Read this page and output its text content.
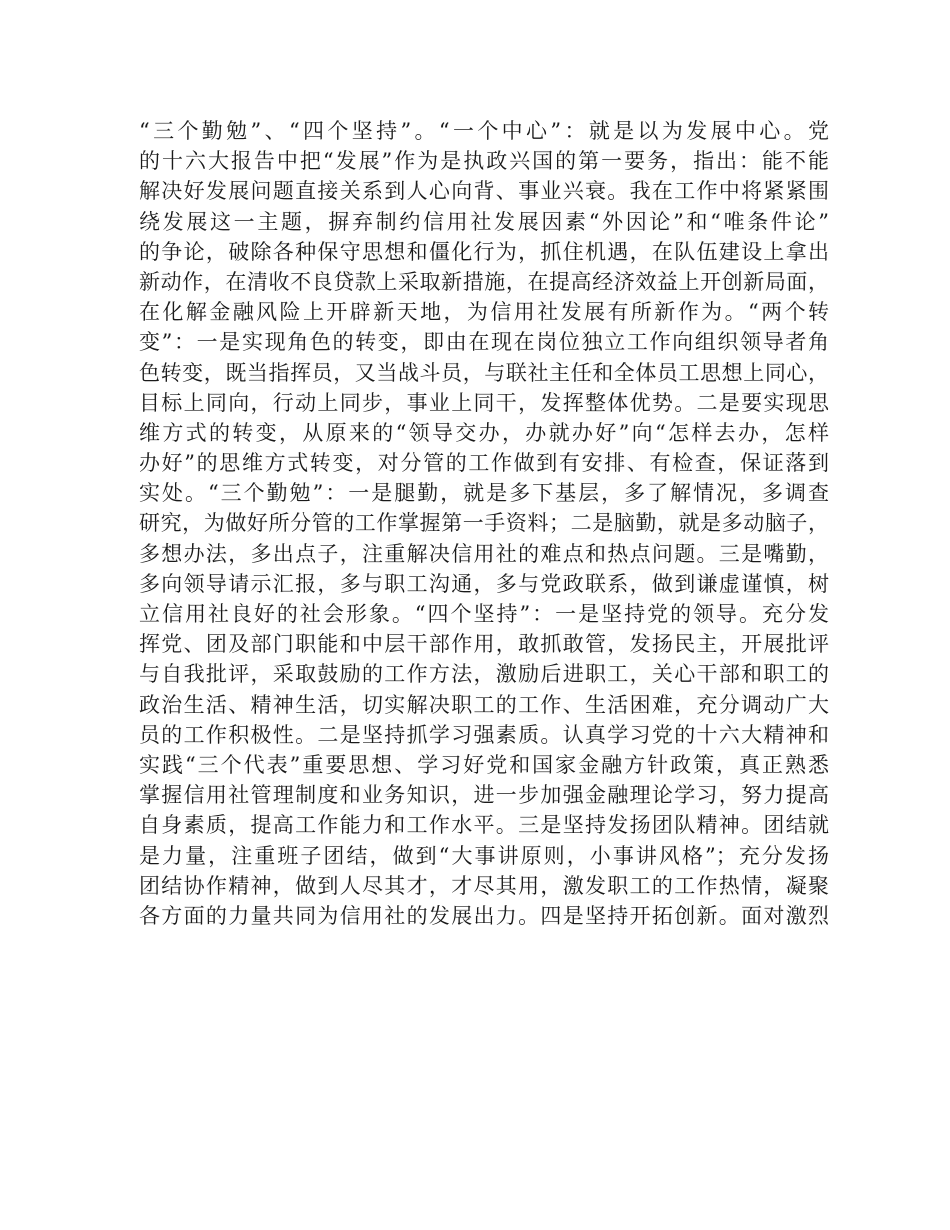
“三个勤勉”、“四个坚持”。“一个中心”：就是以为发展中心。党
的十六大报告中把“发展”作为是执政兴国的第一要务，指出：能不能
解决好发展问题直接关系到人心向背、事业兴衰。我在工作中将紧紧围
绕发展这一主题，摒弃制约信用社发展因素“外因论”和“唯条件论”
的争论，破除各种保守思想和僵化行为，抓住机遇，在队伍建设上拿出
新动作，在清收不良贷款上采取新措施，在提高经济效益上开创新局面，
在化解金融风险上开辟新天地，为信用社发展有所新作为。“两个转
变”：一是实现角色的转变，即由在现在岗位独立工作向组织领导者角
色转变，既当指挥员，又当战斗员，与联社主任和全体员工思想上同心，
目标上同向，行动上同步，事业上同干，发挥整体优势。二是要实现思
维方式的转变，从原来的“领导交办，办就办好”向“怎样去办，怎样
办好”的思维方式转变，对分管的工作做到有安排、有检查，保证落到
实处。“三个勤勉”：一是腿勤，就是多下基层，多了解情况，多调查
研究，为做好所分管的工作掌握第一手资料；二是脑勤，就是多动脑子，
多想办法，多出点子，注重解决信用社的难点和热点问题。三是嘴勤，
多向领导请示汇报，多与职工沟通，多与党政联系，做到谦虚谨慎，树
立信用社良好的社会形象。“四个坚持”：一是坚持党的领导。充分发
挥党、团及部门职能和中层干部作用，敢抓敢管，发扬民主，开展批评
与自我批评，采取鼓励的工作方法，激励后进职工，关心干部和职工的
政治生活、精神生活，切实解决职工的工作、生活困难，充分调动广大
员的工作积极性。二是坚持抓学习强素质。认真学习党的十六大精神和
实践“三个代表”重要思想、学习好党和国家金融方针政策，真正熟悉
掌握信用社管理制度和业务知识，进一步加强金融理论学习，努力提高
自身素质，提高工作能力和工作水平。三是坚持发扬团队精神。团结就
是力量，注重班子团结，做到“大事讲原则，小事讲风格”；充分发扬
团结协作精神，做到人尽其才，才尽其用，激发职工的工作热情，凝聚
各方面的力量共同为信用社的发展出力。四是坚持开拓创新。面对激烈
